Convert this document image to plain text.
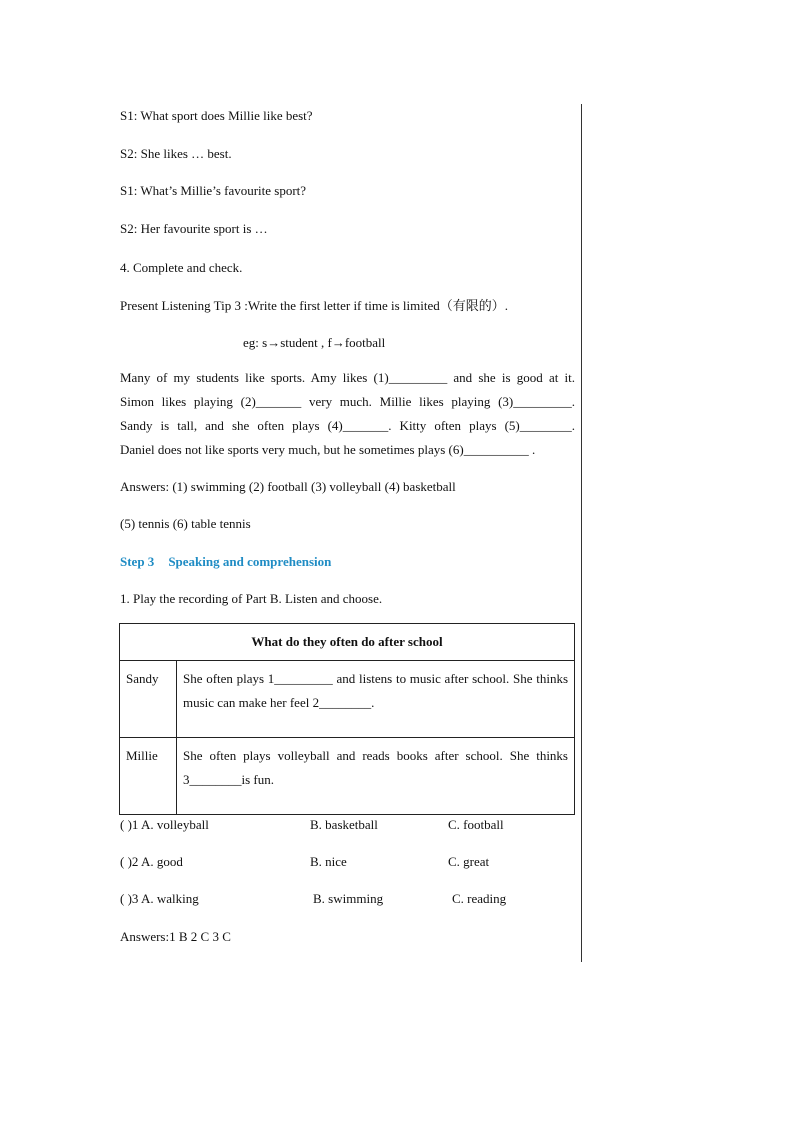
S1: What sport does Millie like best?
S2: She likes … best.
S1: What’s Millie’s favourite sport?
S2: Her favourite sport is …
4. Complete and check.
Present Listening Tip 3 :Write the first letter if time is limited（有限的）.
eg: s→student , f→football
Many of my students like sports. Amy likes (1)_________ and she is good at it.
Simon likes playing (2)_______ very much. Millie likes playing (3)_________.
Sandy is tall, and she often plays (4)_______. Kitty often plays (5)________.
Daniel does not like sports very much, but he sometimes plays (6)__________ .
Answers: (1) swimming (2) football (3) volleyball (4) basketball
(5) tennis (6) table tennis
Step 3 Speaking and comprehension
1. Play the recording of Part B. Listen and choose.
What do they often do after school	
Sandy	She often plays 1_________ and listens to music after school. She thinks music can make her feel 2________.
Millie	She often plays volleyball and reads books after school. She thinks 3________is fun.
( )1 A. volleyball	B. basketball	C. football
( )2 A. good	B. nice	C. great
( )3 A. walking	B. swimming	C. reading
Answers:1 B 2 C 3 C
